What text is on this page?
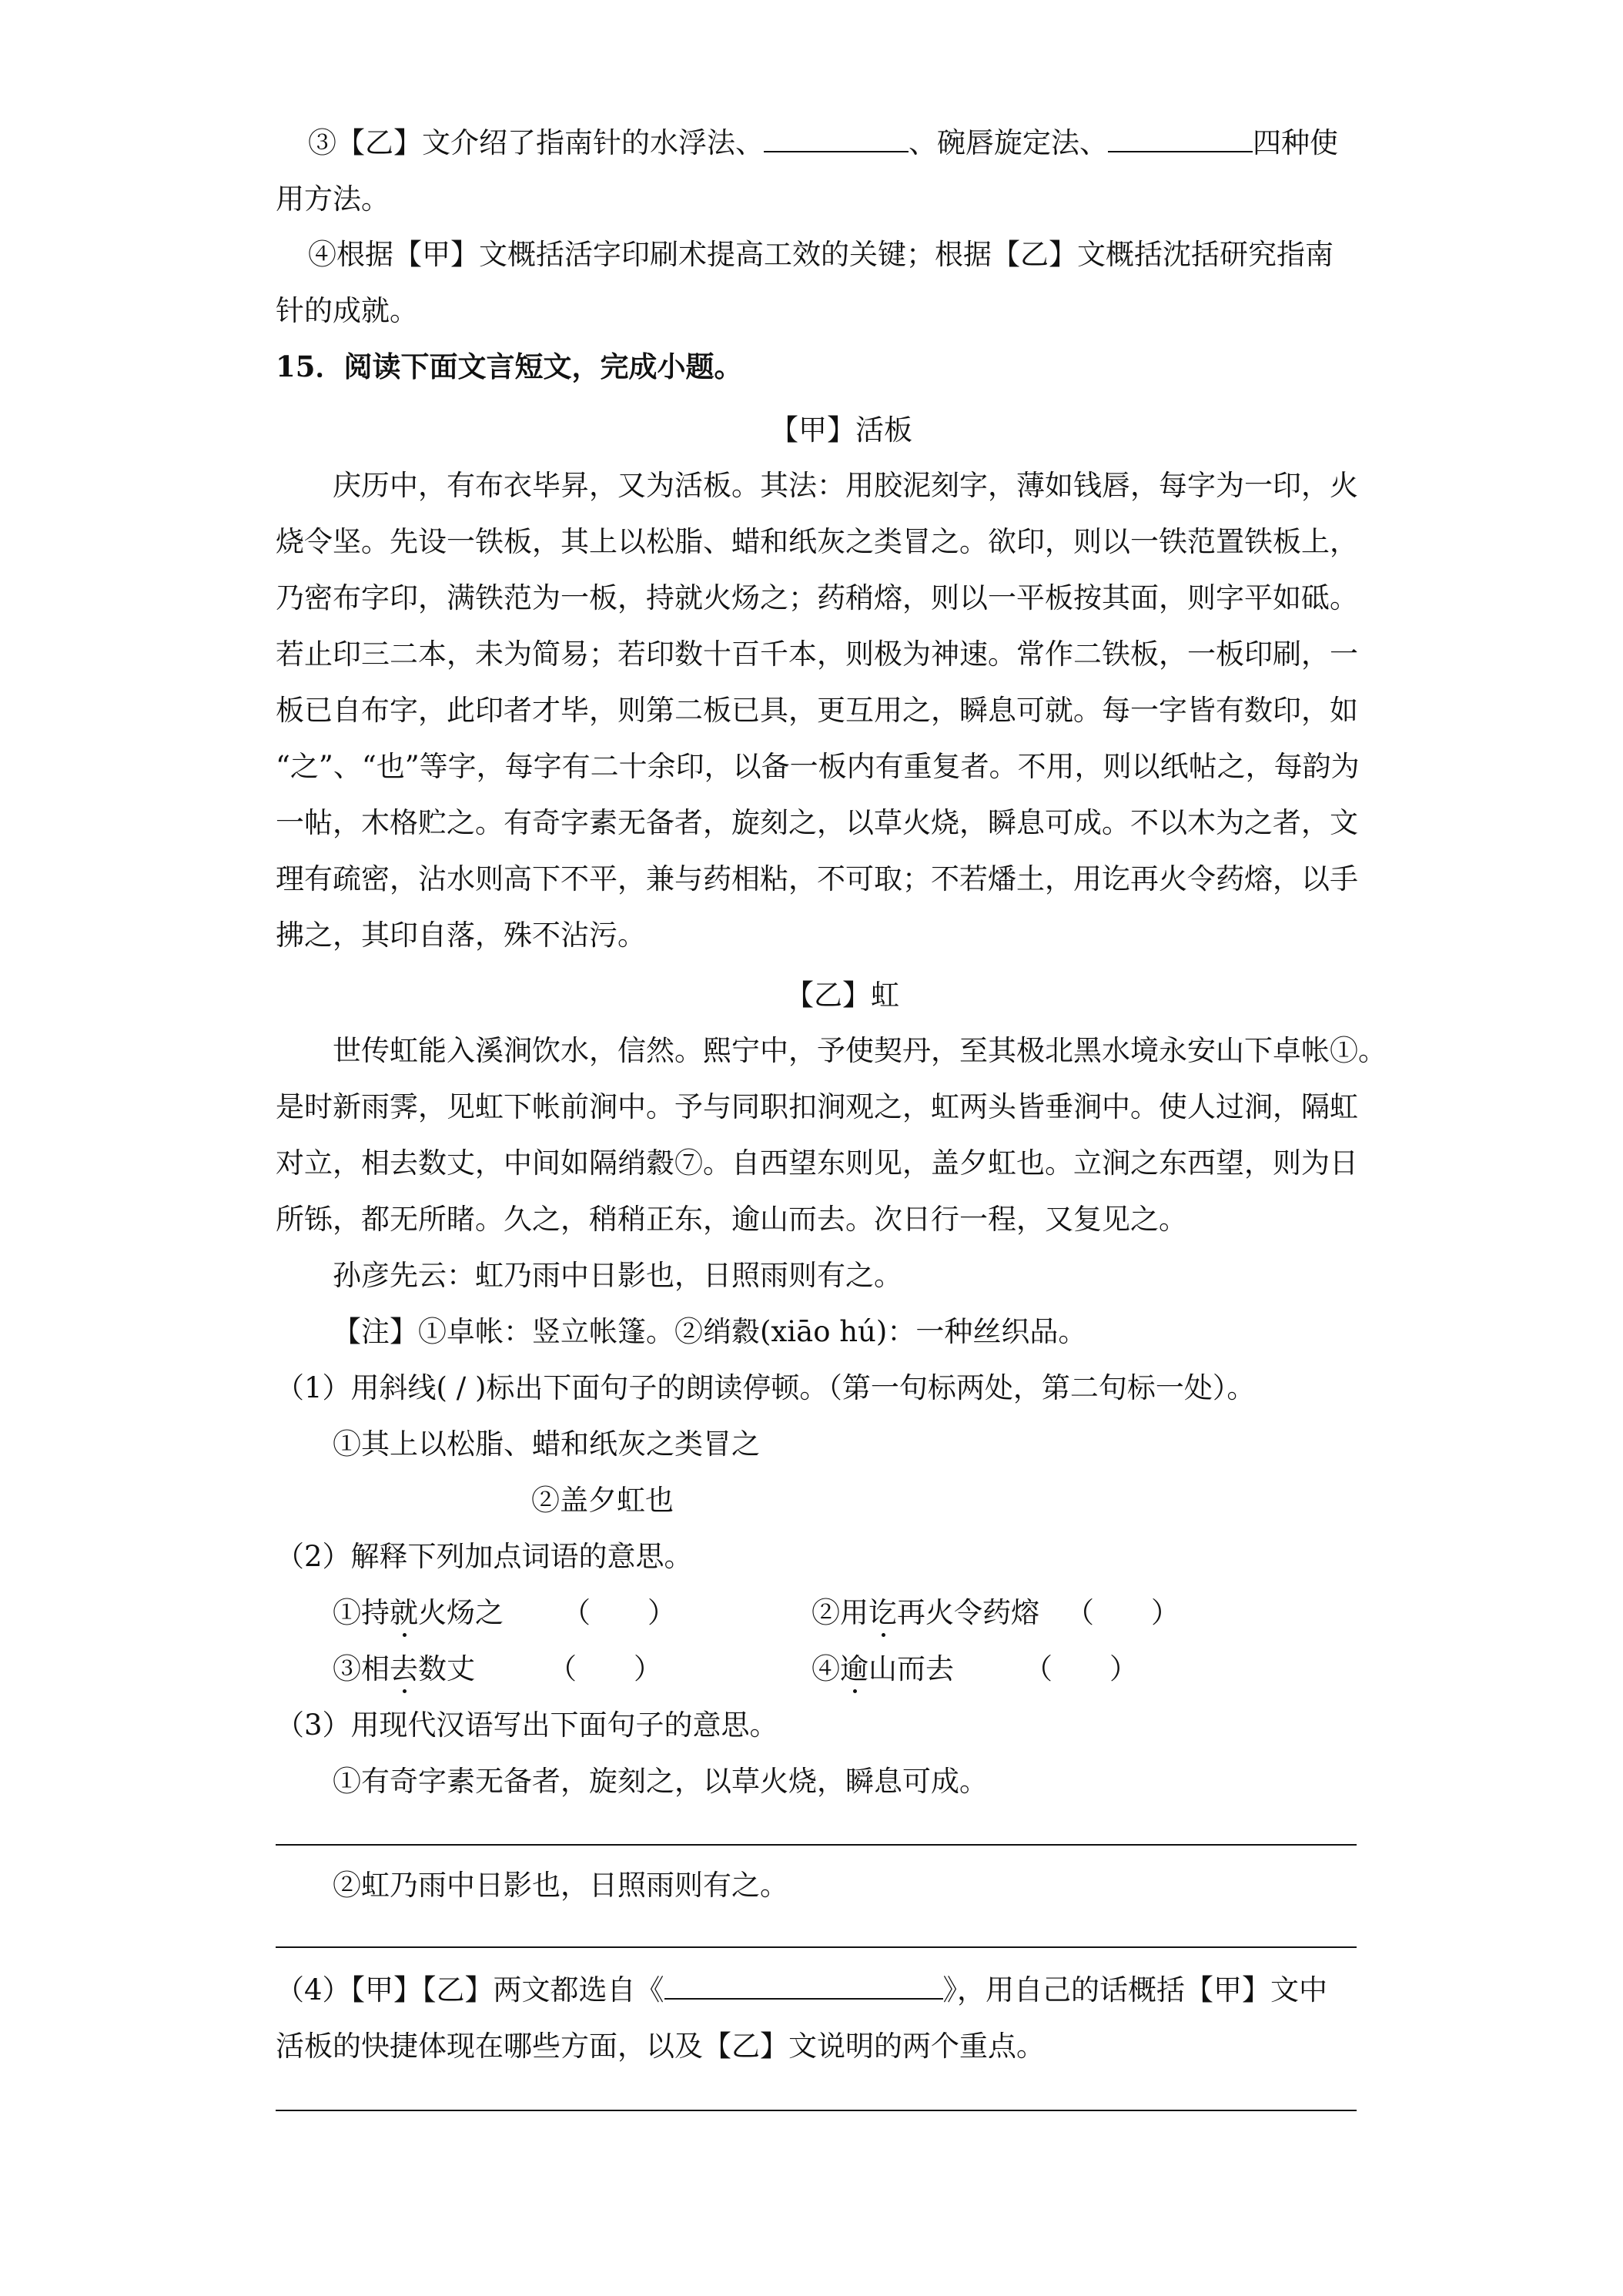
③【乙】文介绍了指南针的水浮法、	、碗唇旋定法、	四种使
用方法。
④根据【甲】文概括活字印刷术提高工效的关键；根据【乙】文概括沈括研究指南
针的成就。
15．阅读下面文言短文，完成小题。
【甲】活板
庆历中，有布衣毕昇，又为活板。其法：用胶泥刻字，薄如钱唇，每字为一印，火
烧令坚。先设一铁板，其上以松脂、蜡和纸灰之类冒之。欲印，则以一铁范置铁板上，
乃密布字印，满铁范为一板，持就火炀之；药稍熔，则以一平板按其面，则字平如砥。
若止印三二本，未为简易；若印数十百千本，则极为神速。常作二铁板，一板印刷，一
板已自布字，此印者才毕，则第二板已具，更互用之，瞬息可就。每一字皆有数印，如
“之”、“也”等字，每字有二十余印，以备一板内有重复者。不用，则以纸帖之，每韵为
一帖，木格贮之。有奇字素无备者，旋刻之，以草火烧，瞬息可成。不以木为之者，文
理有疏密，沾水则高下不平，兼与药相粘，不可取；不若燔土，用讫再火令药熔，以手
拂之，其印自落，殊不沾污。
【乙】虹
世传虹能入溪涧饮水，信然。熙宁中，予使契丹，至其极北黑水境永安山下卓帐①。
是时新雨霁，见虹下帐前涧中。予与同职扣涧观之，虹两头皆垂涧中。使人过涧，隔虹
对立，相去数丈，中间如隔绡縠⑦。自西望东则见，盖夕虹也。立涧之东西望，则为日
所铄，都无所睹。久之，稍稍正东，逾山而去。次日行一程，又复见之。
孙彦先云：虹乃雨中日影也，日照雨则有之。
【注】①卓帐：竖立帐篷。②绡縠(xiāo hú)：一种丝织品。
（1）用斜线( / )标出下面句子的朗读停顿。（第一句标两处，第二句标一处）。
①其上以松脂、蜡和纸灰之类冒之
②盖夕虹也
（2）解释下列加点词语的意思。
①持就火炀之 （　　）	②用讫再火令药熔 （　　）
③相去数丈	（　　）	④逾山而去 （　　）
（3）用现代汉语写出下面句子的意思。
①有奇字素无备者，旋刻之，以草火烧，瞬息可成。
②虹乃雨中日影也，日照雨则有之。
（4）【甲】【乙】两文都选自《	》，用自己的话概括【甲】文中
活板的快捷体现在哪些方面，以及【乙】文说明的两个重点。
